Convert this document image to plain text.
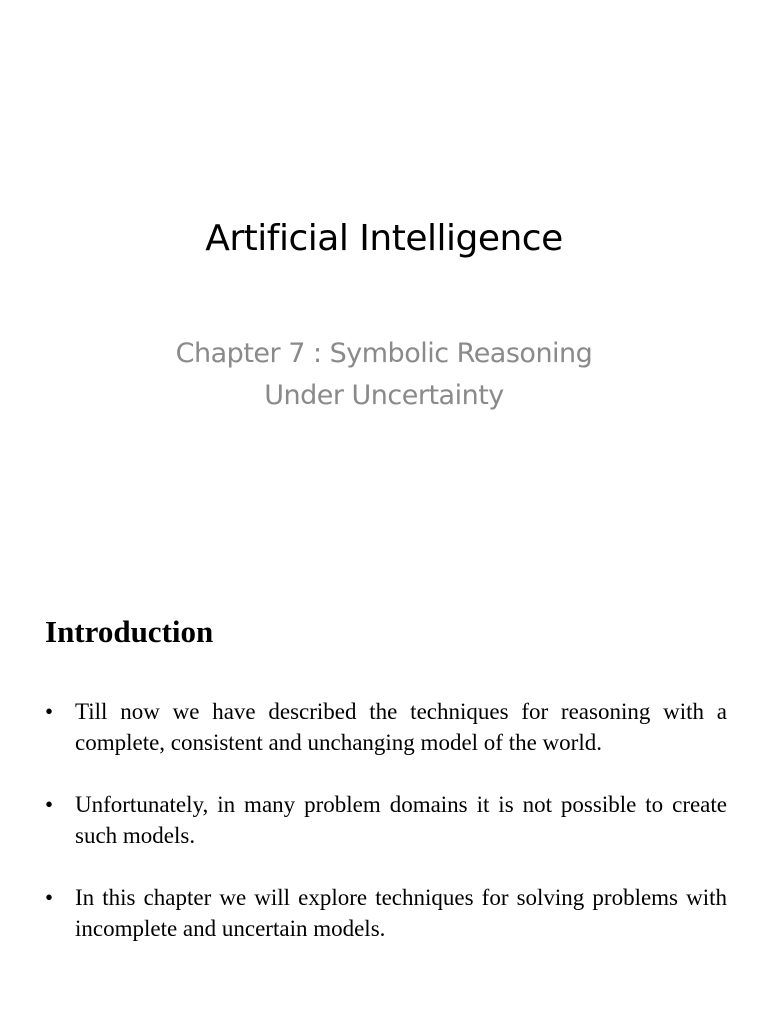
Artificial Intelligence
Chapter 7 : Symbolic Reasoning
Under Uncertainty
Introduction
• Till now we have described the techniques for reasoning with a complete, consistent and unchanging model of the world.
• Unfortunately, in many problem domains it is not possible to create such models.
• In this chapter we will explore techniques for solving problems with incomplete and uncertain models.
